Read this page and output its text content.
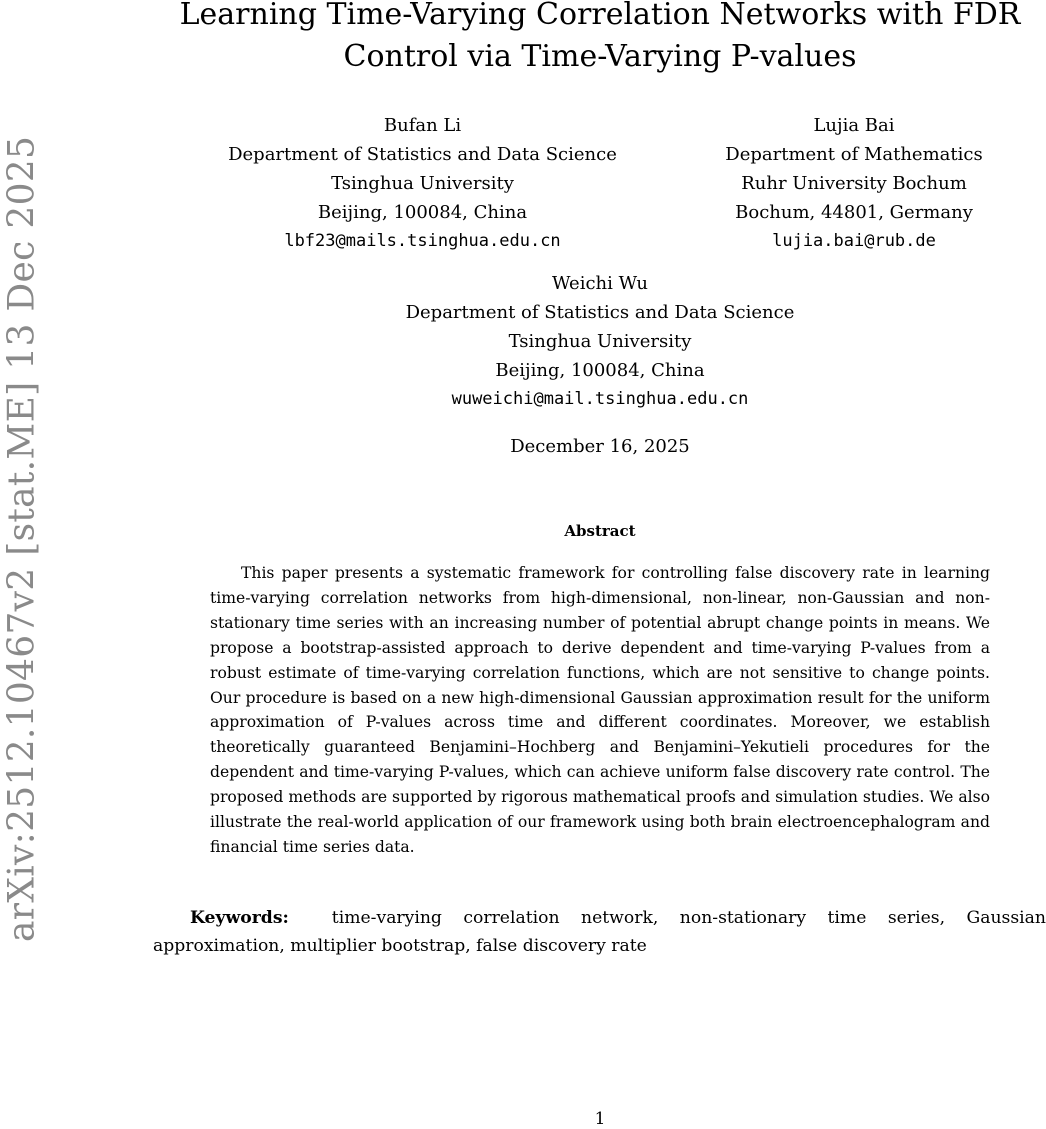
arXiv:2512.10467v2 [stat.ME] 13 Dec 2025
Learning Time-Varying Correlation Networks with FDR
Control via Time-Varying P-values
Bufan Li
Department of Statistics and Data Science
Tsinghua University
Beijing, 100084, China
lbf23@mails.tsinghua.edu.cn
Lujia Bai
Department of Mathematics
Ruhr University Bochum
Bochum, 44801, Germany
lujia.bai@rub.de
Weichi Wu
Department of Statistics and Data Science
Tsinghua University
Beijing, 100084, China
wuweichi@mail.tsinghua.edu.cn
December 16, 2025
Abstract

This paper presents a systematic framework for controlling false discovery rate in learning time-varying correlation networks from high-dimensional, non-linear, non-Gaussian and non-stationary time series with an increasing number of potential abrupt change points in means. We propose a bootstrap-assisted approach to derive dependent and time-varying P-values from a robust estimate of time-varying correlation functions, which are not sensitive to change points. Our procedure is based on a new high-dimensional Gaussian approximation result for the uniform approximation of P-values across time and different coordinates. Moreover, we establish theoretically guaranteed Benjamini–Hochberg and Benjamini–Yekutieli procedures for the dependent and time-varying P-values, which can achieve uniform false discovery rate control. The proposed methods are supported by rigorous mathematical proofs and simulation studies. We also illustrate the real-world application of our framework using both brain electroencephalogram and financial time series data.

Keywords: time-varying correlation network, non-stationary time series, Gaussian approximation, multiplier bootstrap, false discovery rate

1
